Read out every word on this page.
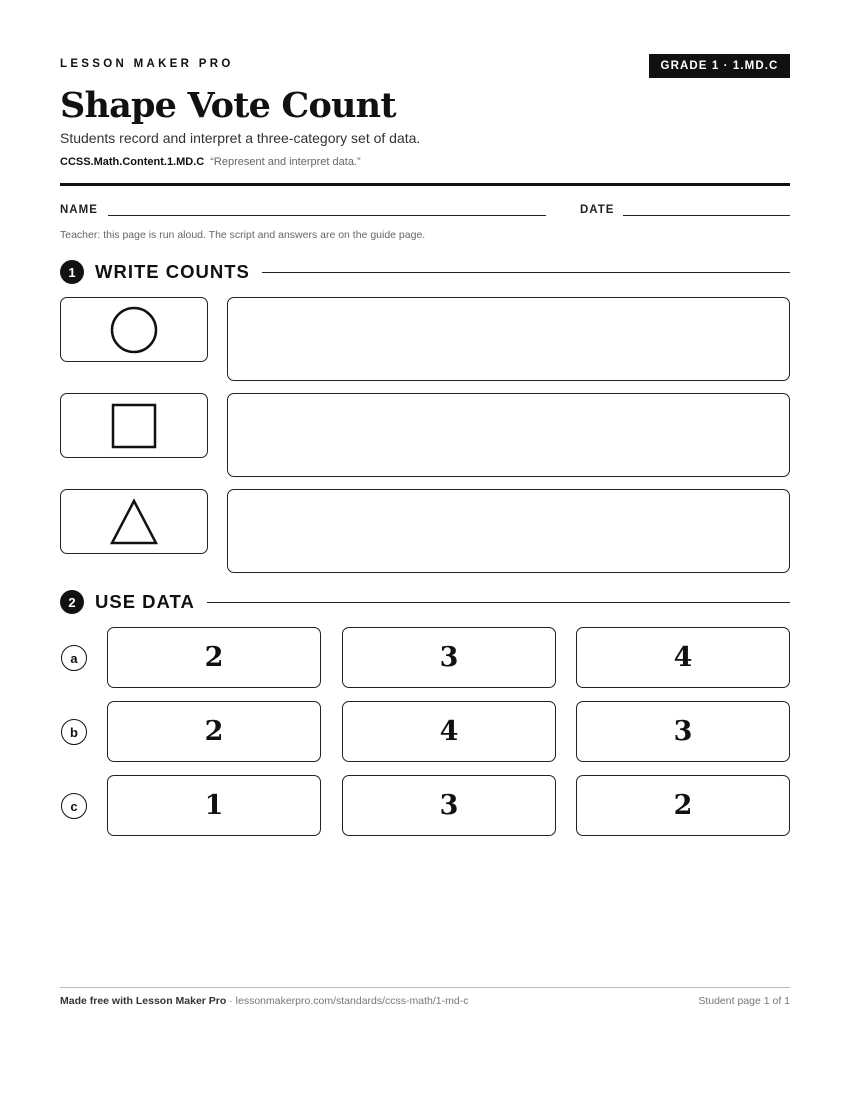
LESSON MAKER PRO	GRADE 1 · 1.MD.C
Shape Vote Count
Students record and interpret a three-category set of data.
CCSS.Math.Content.1.MD.C “Represent and interpret data.”
NAME	DATE
Teacher: this page is run aloud. The script and answers are on the guide page.
1	WRITE COUNTS
2	USE DATA
a	2	3	4
b	2	4	3
c	1	3	2
Made free with Lesson Maker Pro · lessonmakerpro.com/standards/ccss-math/1-md-c	Student page 1 of 1
